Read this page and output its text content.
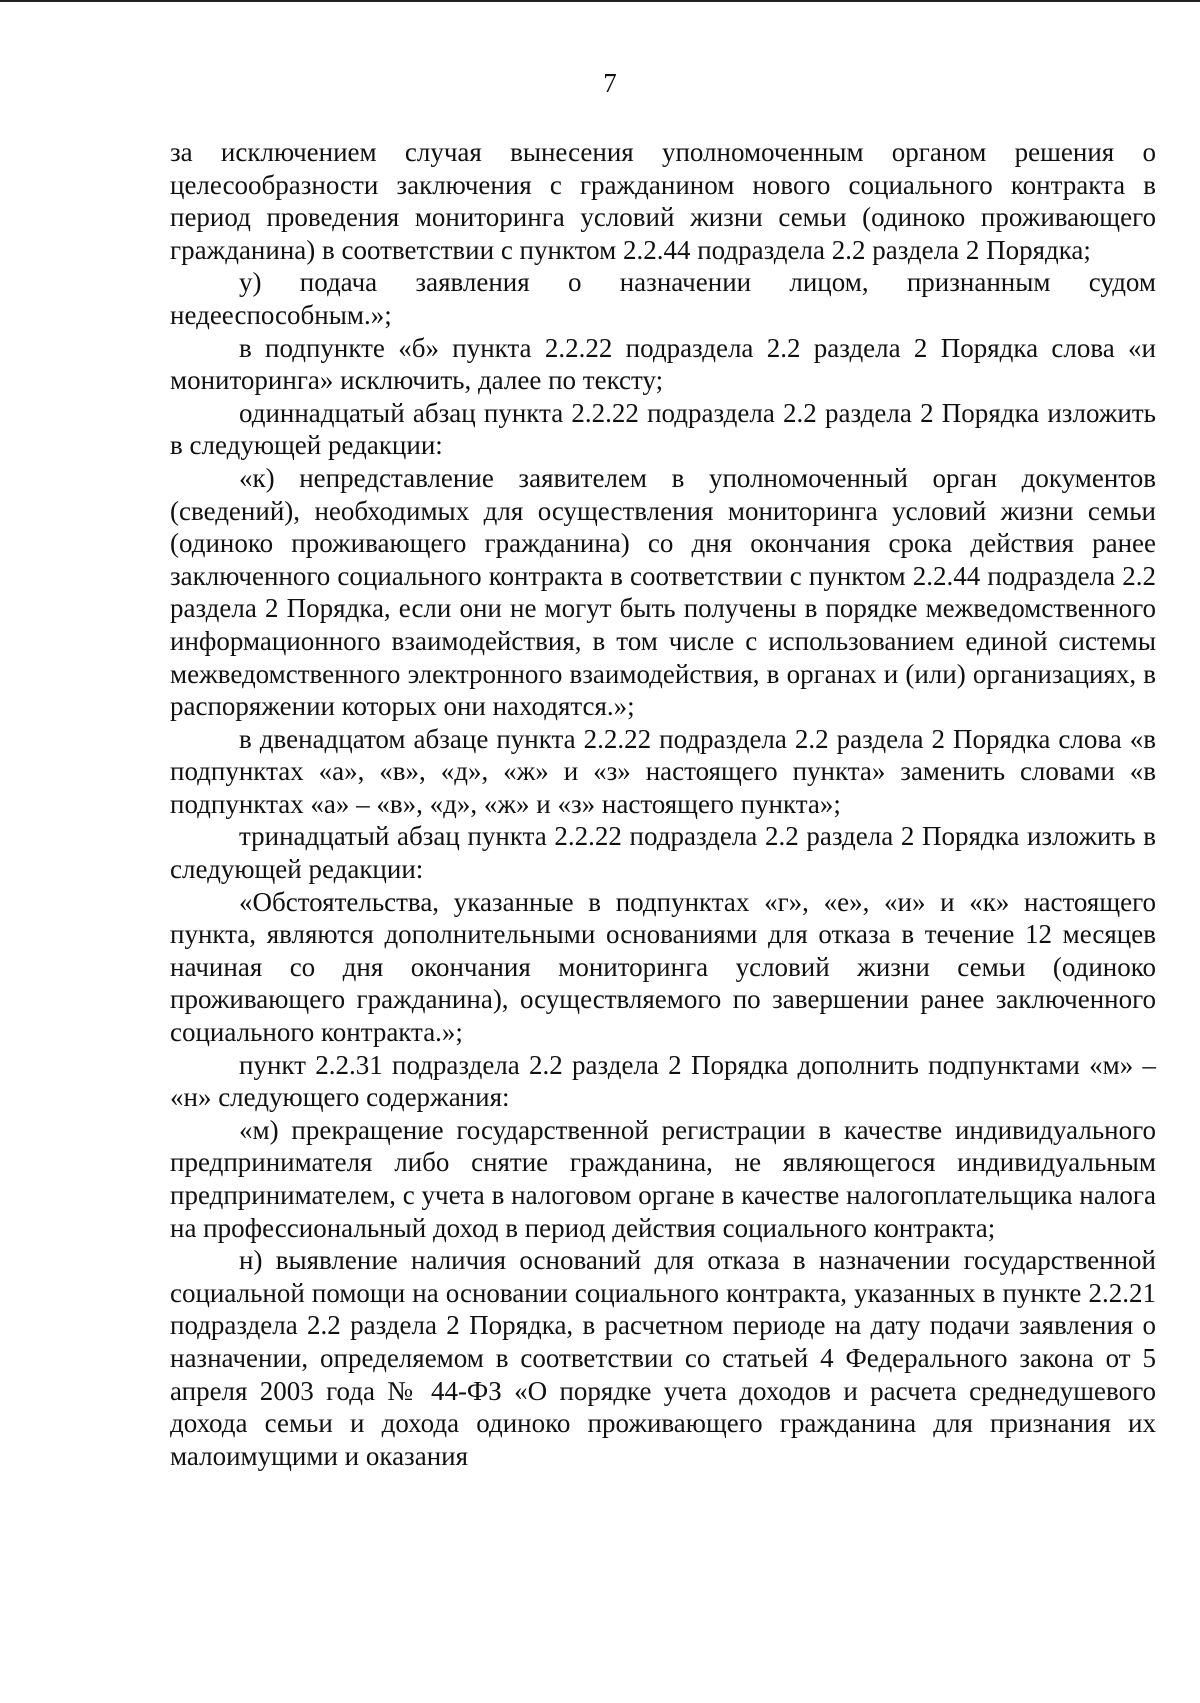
7

за исключением случая вынесения уполномоченным органом решения о целесообразности заключения с гражданином нового социального контракта в период проведения мониторинга условий жизни семьи (одиноко проживающего гражданина) в соответствии с пунктом 2.2.44 подраздела 2.2 раздела 2 Порядка;

у) подача заявления о назначении лицом, признанным судом недееспособным.»;

в подпункте «б» пункта 2.2.22 подраздела 2.2 раздела 2 Порядка слова «и мониторинга» исключить, далее по тексту;

одиннадцатый абзац пункта 2.2.22 подраздела 2.2 раздела 2 Порядка изложить в следующей редакции:

«к) непредставление заявителем в уполномоченный орган документов (сведений), необходимых для осуществления мониторинга условий жизни семьи (одиноко проживающего гражданина) со дня окончания срока действия ранее заключенного социального контракта в соответствии с пунктом 2.2.44 подраздела 2.2 раздела 2 Порядка, если они не могут быть получены в порядке межведомственного информационного взаимодействия, в том числе с использованием единой системы межведомственного электронного взаимодействия, в органах и (или) организациях, в распоряжении которых они находятся.»;

в двенадцатом абзаце пункта 2.2.22 подраздела 2.2 раздела 2 Порядка слова «в подпунктах «а», «в», «д», «ж» и «з» настоящего пункта» заменить словами «в подпунктах «а» – «в», «д», «ж» и «з» настоящего пункта»;

тринадцатый абзац пункта 2.2.22 подраздела 2.2 раздела 2 Порядка изложить в следующей редакции:

«Обстоятельства, указанные в подпунктах «г», «е», «и» и «к» настоящего пункта, являются дополнительными основаниями для отказа в течение 12 месяцев начиная со дня окончания мониторинга условий жизни семьи (одиноко проживающего гражданина), осуществляемого по завершении ранее заключенного социального контракта.»;

пункт 2.2.31 подраздела 2.2 раздела 2 Порядка дополнить подпунктами «м» – «н» следующего содержания:

«м) прекращение государственной регистрации в качестве индивидуального предпринимателя либо снятие гражданина, не являющегося индивидуальным предпринимателем, с учета в налоговом органе в качестве налогоплательщика налога на профессиональный доход в период действия социального контракта;

н) выявление наличия оснований для отказа в назначении государственной социальной помощи на основании социального контракта, указанных в пункте 2.2.21 подраздела 2.2 раздела 2 Порядка, в расчетном периоде на дату подачи заявления о назначении, определяемом в соответствии со статьей 4 Федерального закона от 5 апреля 2003 года № 44-ФЗ «О порядке учета доходов и расчета среднедушевого дохода семьи и дохода одиноко проживающего гражданина для признания их малоимущими и оказания
